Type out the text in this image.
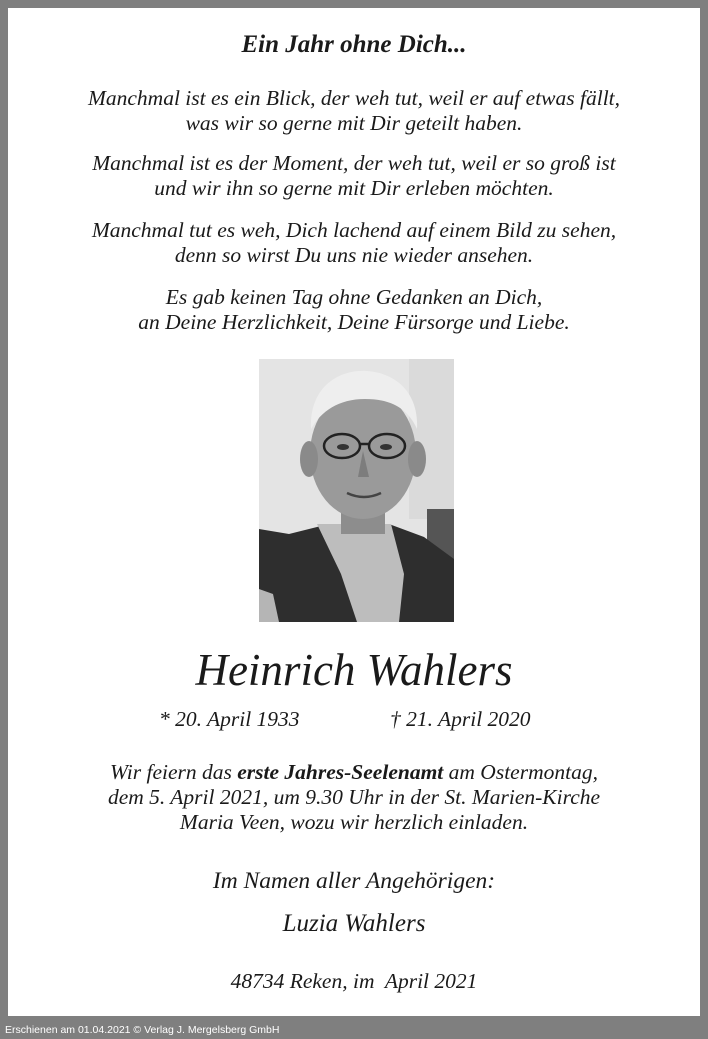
Ein Jahr ohne Dich...
Manchmal ist es ein Blick, der weh tut, weil er auf etwas fällt,
was wir so gerne mit Dir geteilt haben.
Manchmal ist es der Moment, der weh tut, weil er so groß ist
und wir ihn so gerne mit Dir erleben möchten.
Manchmal tut es weh, Dich lachend auf einem Bild zu sehen,
denn so wirst Du uns nie wieder ansehen.
Es gab keinen Tag ohne Gedanken an Dich,
an Deine Herzlichkeit, Deine Fürsorge und Liebe.
Heinrich Wahlers
* 20. April 1933	† 21. April 2020
Wir feiern das erste Jahres-Seelenamt am Ostermontag,
dem 5. April 2021, um 9.30 Uhr in der St. Marien-Kirche
Maria Veen, wozu wir herzlich einladen.
Im Namen aller Angehörigen:
Luzia Wahlers
48734 Reken, im  April 2021
Erschienen am 01.04.2021 © Verlag J. Mergelsberg GmbH
